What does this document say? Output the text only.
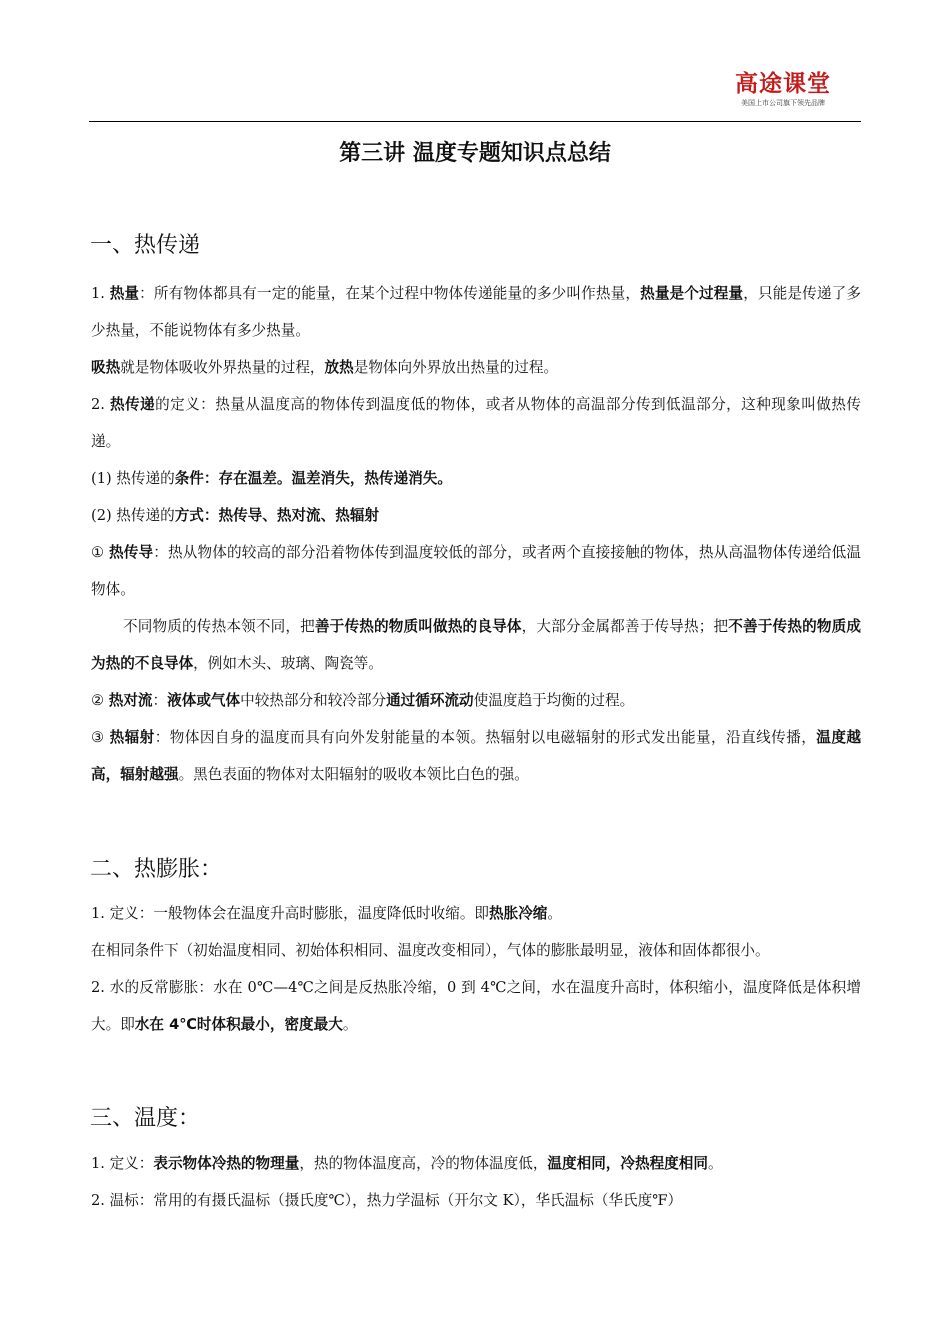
高途课堂
美国上市公司旗下领先品牌
第三讲 温度专题知识点总结
一、热传递
1. 热量：所有物体都具有一定的能量，在某个过程中物体传递能量的多少叫作热量，热量是个过程量，只能是传递了多少热量，不能说物体有多少热量。
吸热就是物体吸收外界热量的过程，放热是物体向外界放出热量的过程。
2. 热传递的定义：热量从温度高的物体传到温度低的物体，或者从物体的高温部分传到低温部分，这种现象叫做热传递。
(1) 热传递的条件：存在温差。温差消失，热传递消失。
(2) 热传递的方式：热传导、热对流、热辐射
① 热传导：热从物体的较高的部分沿着物体传到温度较低的部分，或者两个直接接触的物体，热从高温物体传递给低温物体。
不同物质的传热本领不同，把善于传热的物质叫做热的良导体，大部分金属都善于传导热；把不善于传热的物质成为热的不良导体，例如木头、玻璃、陶瓷等。
② 热对流：液体或气体中较热部分和较冷部分通过循环流动使温度趋于均衡的过程。
③ 热辐射：物体因自身的温度而具有向外发射能量的本领。热辐射以电磁辐射的形式发出能量，沿直线传播，温度越高，辐射越强。黑色表面的物体对太阳辐射的吸收本领比白色的强。
二、热膨胀：
1. 定义：一般物体会在温度升高时膨胀，温度降低时收缩。即热胀冷缩。
在相同条件下（初始温度相同、初始体积相同、温度改变相同），气体的膨胀最明显，液体和固体都很小。
2. 水的反常膨胀：水在 0℃—4℃之间是反热胀冷缩，0 到 4℃之间，水在温度升高时，体积缩小，温度降低是体积增大。即水在 4℃时体积最小，密度最大。
三、温度：
1. 定义：表示物体冷热的物理量，热的物体温度高，冷的物体温度低，温度相同，冷热程度相同。
2. 温标：常用的有摄氏温标（摄氏度℃），热力学温标（开尔文 K），华氏温标（华氏度℉）
